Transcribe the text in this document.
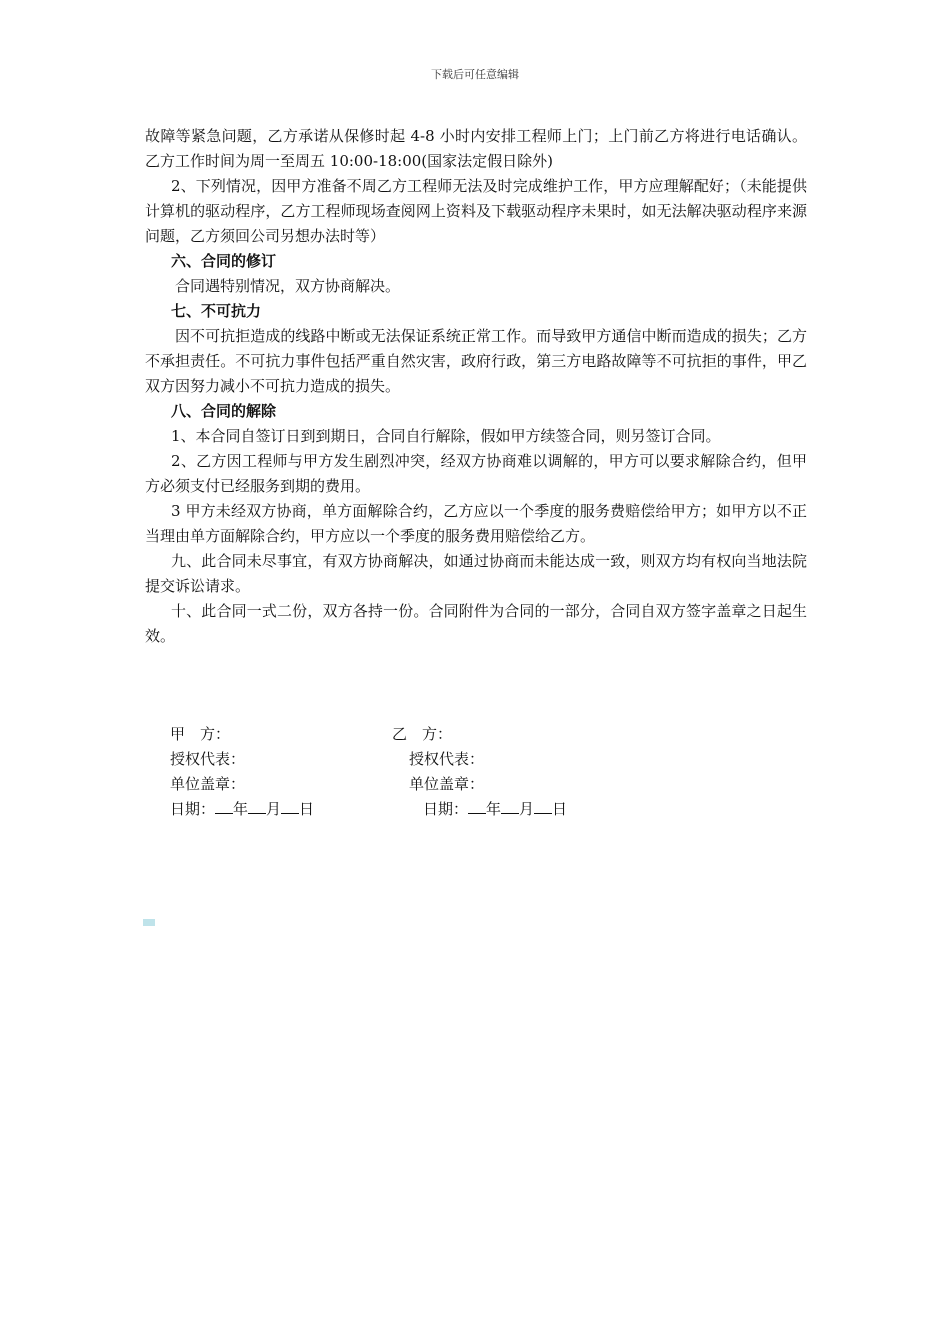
下载后可任意编辑

故障等紧急问题，乙方承诺从保修时起 4-8 小时内安排工程师上门；上门前乙方将进行电话确认。乙方工作时间为周一至周五 10:00-18:00(国家法定假日除外)

2、下列情况，因甲方准备不周乙方工程师无法及时完成维护工作，甲方应理解配好；（未能提供计算机的驱动程序，乙方工程师现场查阅网上资料及下载驱动程序未果时，如无法解决驱动程序来源问题，乙方须回公司另想办法时等）

六、合同的修订

合同遇特别情况，双方协商解决。

七、不可抗力

因不可抗拒造成的线路中断或无法保证系统正常工作。而导致甲方通信中断而造成的损失；乙方不承担责任。不可抗力事件包括严重自然灾害，政府行政，第三方电路故障等不可抗拒的事件，甲乙双方因努力减小不可抗力造成的损失。

八、合同的解除

1、本合同自签订日到到期日，合同自行解除，假如甲方续签合同，则另签订合同。

2、乙方因工程师与甲方发生剧烈冲突，经双方协商难以调解的，甲方可以要求解除合约，但甲方必须支付已经服务到期的费用。

3 甲方未经双方协商，单方面解除合约，乙方应以一个季度的服务费赔偿给甲方；如甲方以不正当理由单方面解除合约，甲方应以一个季度的服务费用赔偿给乙方。

九、此合同未尽事宜，有双方协商解决，如通过协商而未能达成一致，则双方均有权向当地法院提交诉讼请求。

十、此合同一式二份，双方各持一份。合同附件为合同的一部分，合同自双方签字盖章之日起生效。

甲　方：
授权代表：
单位盖章：
日期： 年 月 日
乙　方：
授权代表：
单位盖章：
日期： 年 月 日
